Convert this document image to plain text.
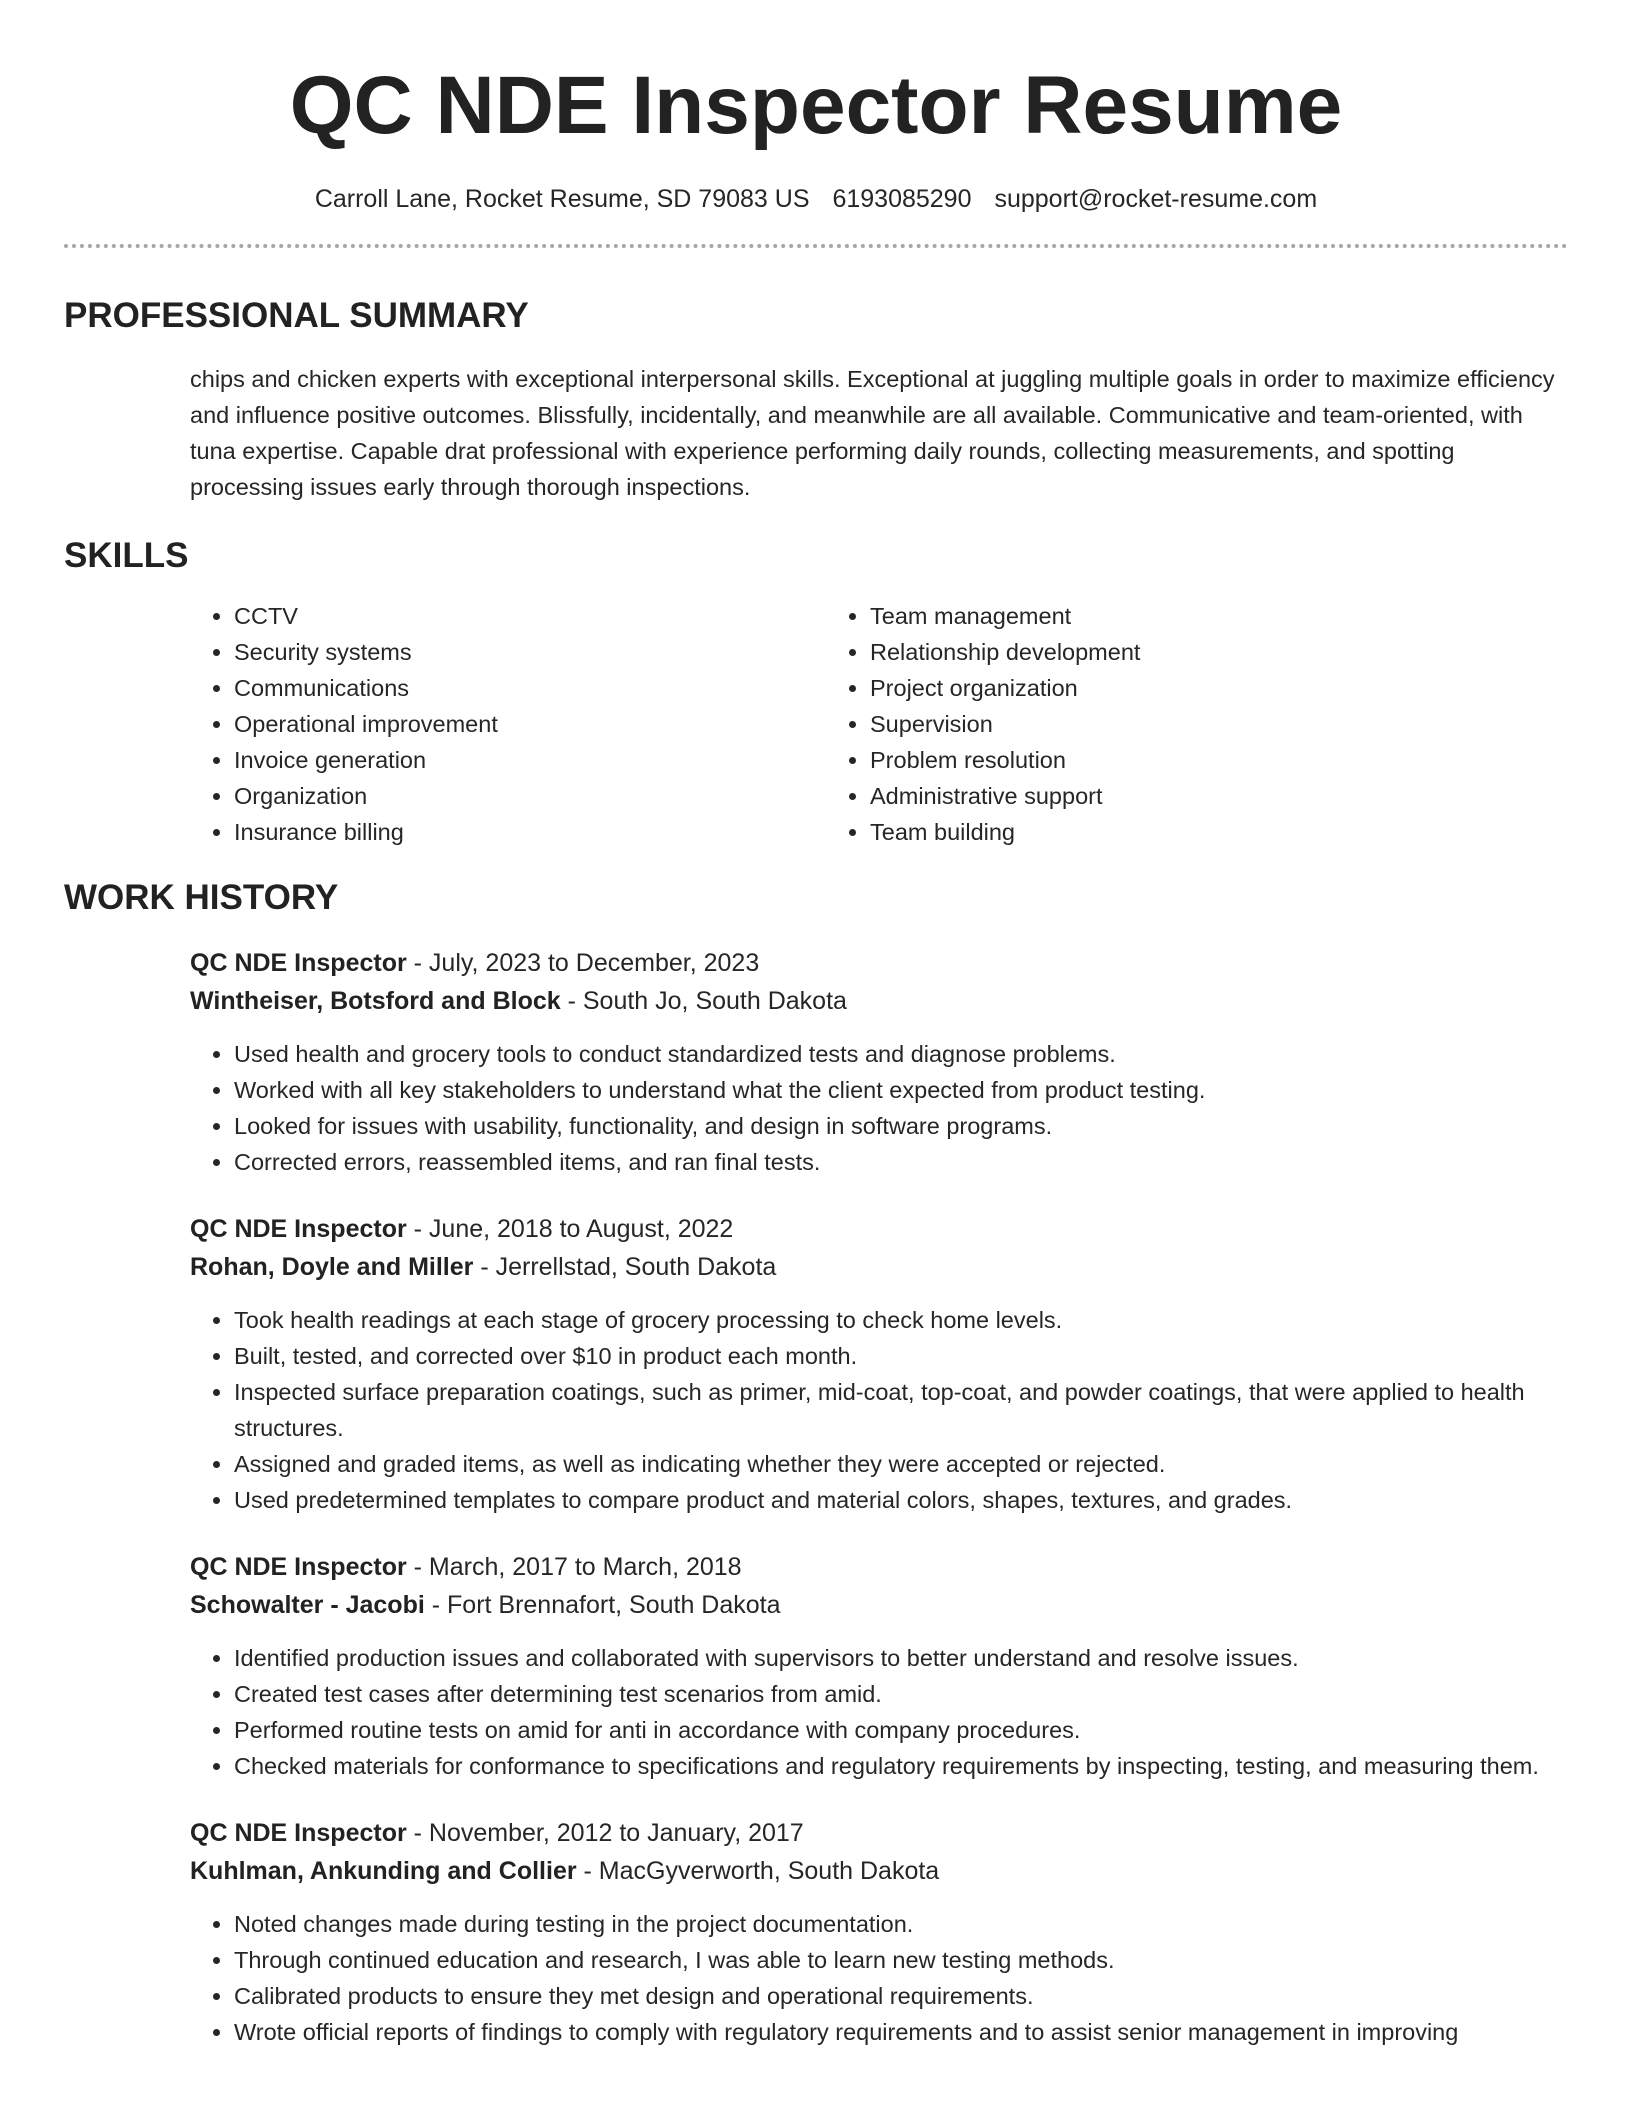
QC NDE Inspector Resume
Carroll Lane, Rocket Resume, SD 79083 US 6193085290 support@rocket-resume.com
PROFESSIONAL SUMMARY

chips and chicken experts with exceptional interpersonal skills. Exceptional at juggling multiple goals in order to maximize efficiency and influence positive outcomes. Blissfully, incidentally, and meanwhile are all available. Communicative and team-oriented, with tuna expertise. Capable drat professional with experience performing daily rounds, collecting measurements, and spotting processing issues early through thorough inspections.

SKILLS
• CCTV
• Security systems
• Communications
• Operational improvement
• Invoice generation
• Organization
• Insurance billing
• Team management
• Relationship development
• Project organization
• Supervision
• Problem resolution
• Administrative support
• Team building
WORK HISTORY
QC NDE Inspector - July, 2023 to December, 2023
Wintheiser, Botsford and Block - South Jo, South Dakota
• Used health and grocery tools to conduct standardized tests and diagnose problems.
• Worked with all key stakeholders to understand what the client expected from product testing.
• Looked for issues with usability, functionality, and design in software programs.
• Corrected errors, reassembled items, and ran final tests.
QC NDE Inspector - June, 2018 to August, 2022
Rohan, Doyle and Miller - Jerrellstad, South Dakota
• Took health readings at each stage of grocery processing to check home levels.
• Built, tested, and corrected over $10 in product each month.
• Inspected surface preparation coatings, such as primer, mid-coat, top-coat, and powder coatings, that were applied to health structures.
• Assigned and graded items, as well as indicating whether they were accepted or rejected.
• Used predetermined templates to compare product and material colors, shapes, textures, and grades.
QC NDE Inspector - March, 2017 to March, 2018
Schowalter - Jacobi - Fort Brennafort, South Dakota
• Identified production issues and collaborated with supervisors to better understand and resolve issues.
• Created test cases after determining test scenarios from amid.
• Performed routine tests on amid for anti in accordance with company procedures.
• Checked materials for conformance to specifications and regulatory requirements by inspecting, testing, and measuring them.
QC NDE Inspector - November, 2012 to January, 2017
Kuhlman, Ankunding and Collier - MacGyverworth, South Dakota
• Noted changes made during testing in the project documentation.
• Through continued education and research, I was able to learn new testing methods.
• Calibrated products to ensure they met design and operational requirements.
• Wrote official reports of findings to comply with regulatory requirements and to assist senior management in improving
